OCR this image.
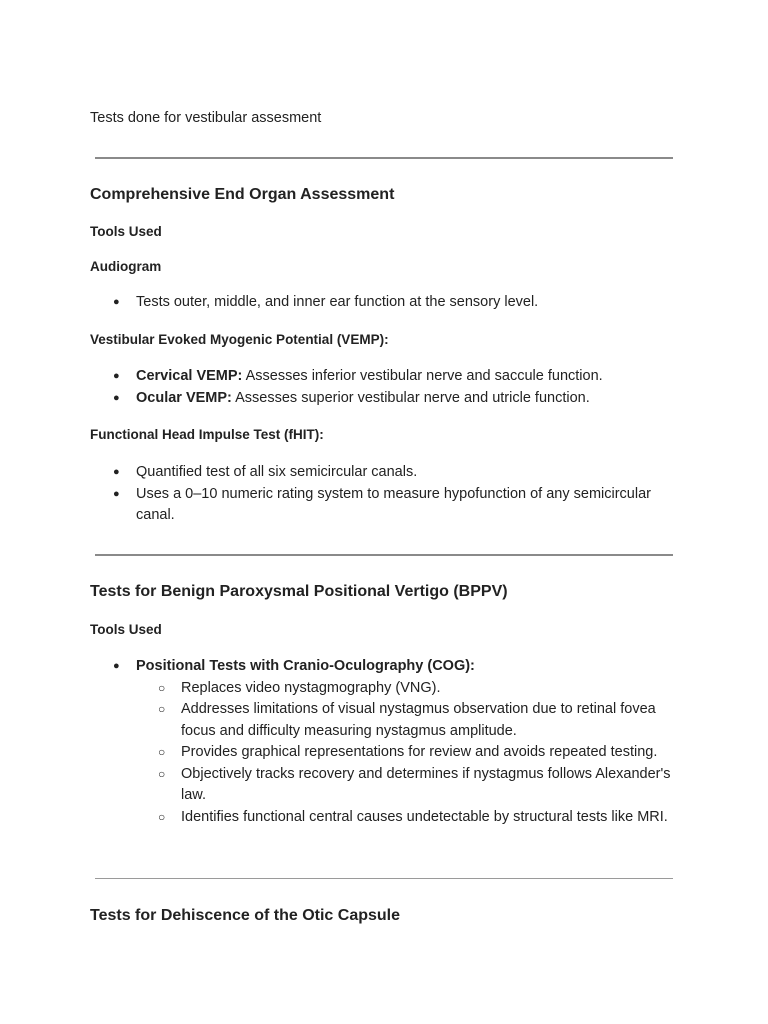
Tests done for vestibular assesment
Comprehensive End Organ Assessment
Tools Used
Audiogram
● Tests outer, middle, and inner ear function at the sensory level.
Vestibular Evoked Myogenic Potential (VEMP):
● Cervical VEMP: Assesses inferior vestibular nerve and saccule function.
● Ocular VEMP: Assesses superior vestibular nerve and utricle function.
Functional Head Impulse Test (fHIT):
● Quantified test of all six semicircular canals.
● Uses a 0–10 numeric rating system to measure hypofunction of any semicircular canal.
Tests for Benign Paroxysmal Positional Vertigo (BPPV)
Tools Used
● Positional Tests with Cranio-Oculography (COG):
○ Replaces video nystagmography (VNG).
○ Addresses limitations of visual nystagmus observation due to retinal fovea focus and difficulty measuring nystagmus amplitude.
○ Provides graphical representations for review and avoids repeated testing.
○ Objectively tracks recovery and determines if nystagmus follows Alexander's law.
○ Identifies functional central causes undetectable by structural tests like MRI.
Tests for Dehiscence of the Otic Capsule
